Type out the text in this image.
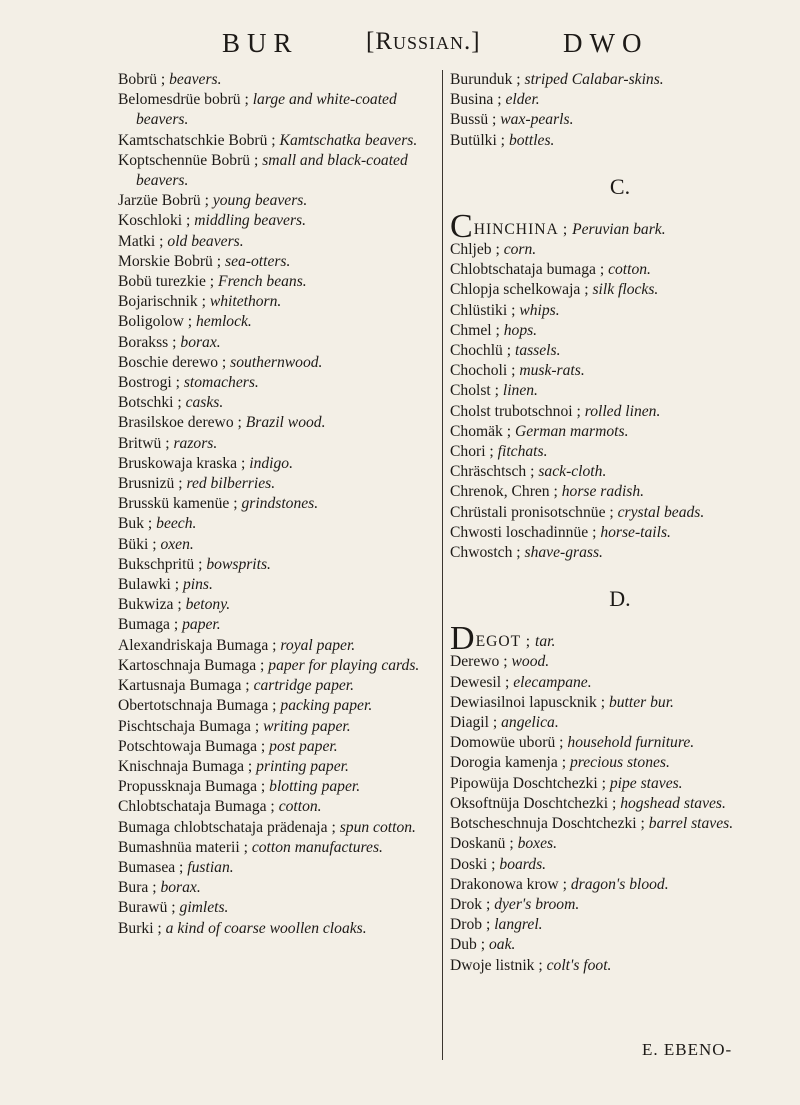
BUR	[Russian.]	DWO

Bobrü ; beavers.

Belomesdrüe bobrü ; large and white-coated beavers.

Kamtschatschkie Bobrü ; Kamtschatka beavers.

Koptschennüe Bobrü ; small and black-coated beavers.

Jarzüe Bobrü ; young beavers.

Koschloki ; middling beavers.

Matki ; old beavers.

Morskie Bobrü ; sea-otters.

Bobü turezkie ; French beans.

Bojarischnik ; whitethorn.

Boligolow ; hemlock.

Borakss ; borax.

Boschie derewo ; southernwood.

Bostrogi ; stomachers.

Botschki ; casks.

Brasilskoe derewo ; Brazil wood.

Britwü ; razors.

Bruskowaja kraska ; indigo.

Brusnizü ; red bilberries.

Brusskü kamenüe ; grindstones.

Buk ; beech.

Büki ; oxen.

Bukschpritü ; bowsprits.

Bulawki ; pins.

Bukwiza ; betony.

Bumaga ; paper.

Alexandriskaja Bumaga ; royal paper.

Kartoschnaja Bumaga ; paper for playing cards.

Kartusnaja Bumaga ; cartridge paper.

Obertotschnaja Bumaga ; packing paper.

Pischtschaja Bumaga ; writing paper.

Potschtowaja Bumaga ; post paper.

Knischnaja Bumaga ; printing paper.

Propussknaja Bumaga ; blotting paper.

Chlobtschataja Bumaga ; cotton.

Bumaga chlobtschataja prädenaja ; spun cotton.

Bumashnüa materii ; cotton manufactures.

Bumasea ; fustian.

Bura ; borax.

Burawü ; gimlets.

Burki ; a kind of coarse woollen cloaks.

Burunduk ; striped Calabar-skins.

Busina ; elder.

Bussü ; wax-pearls.

Butülki ; bottles.

C.
CHINCHINA ; Peruvian bark.

Chljeb ; corn.

Chlobtschataja bumaga ; cotton.

Chlopja schelkowaja ; silk flocks.

Chlüstiki ; whips.

Chmel ; hops.

Chochlü ; tassels.

Chocholi ; musk-rats.

Cholst ; linen.

Cholst trubotschnoi ; rolled linen.

Chomäk ; German marmots.

Chori ; fitchats.

Chräschtsch ; sack-cloth.

Chrenok, Chren ; horse radish.

Chrüstali pronisotschnüe ; crystal beads.

Chwosti loschadinnüe ; horse-tails.

Chwostch ; shave-grass.

D.
DEGOT ; tar.

Derewo ; wood.

Dewesil ; elecampane.

Dewiasilnoi lapuscknik ; butter bur.

Diagil ; angelica.

Domowüe uborü ; household furniture.

Dorogia kamenja ; precious stones.

Pipowüja Doschtchezki ; pipe staves.

Oksoftnüja Doschtchezki ; hogshead staves.

Botscheschnuja Doschtchezki ; barrel staves.

Doskanü ; boxes.

Doski ; boards.

Drakonowa krow ; dragon's blood.

Drok ; dyer's broom.

Drob ; langrel.

Dub ; oak.

Dwoje listnik ; colt's foot.

E. EBENO-
